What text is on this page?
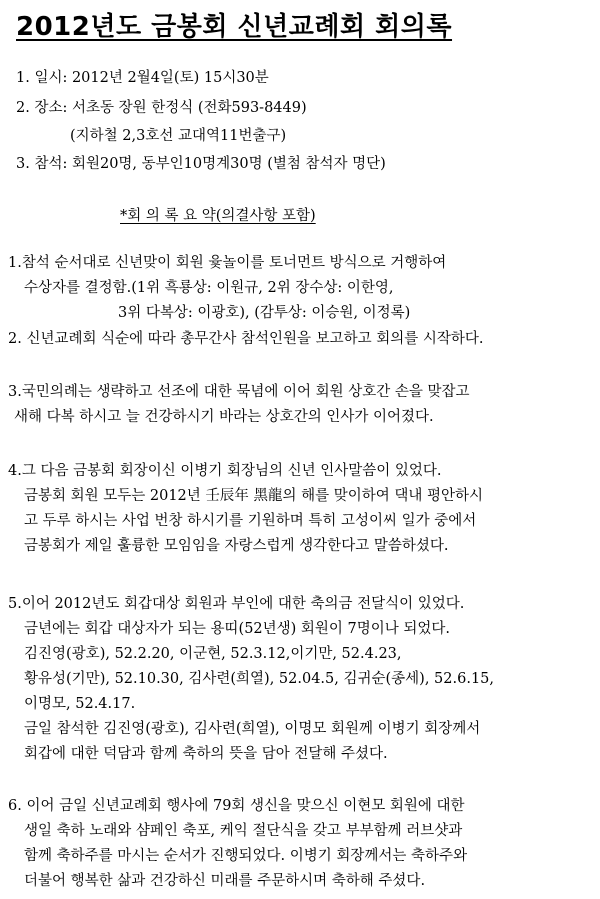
2012년도 금봉회 신년교례회 회의록
1. 일시: 2012년 2월4일(토) 15시30분
2. 장소: 서초동 장원 한정식 (전화593-8449)
(지하철 2,3호선 교대역11번출구)
3. 참석: 회원20명, 동부인10명계30명 (별첨 참석자 명단)
*회 의 록 요 약(의결사항 포함)
1.참석 순서대로 신년맞이 회원 윷놀이를 토너먼트 방식으로 거행하여
수상자를 결정함.(1위 흑룡상: 이원규, 2위 장수상: 이한영,
3위 다복상: 이광호), (감투상: 이승원, 이정록)
2. 신년교례회 식순에 따라 총무간사 참석인원을 보고하고 회의를 시작하다.
3.국민의례는 생략하고 선조에 대한 묵념에 이어 회원 상호간 손을 맞잡고
새해 다복 하시고 늘 건강하시기 바라는 상호간의 인사가 이어졌다.
4.그 다음 금봉회 회장이신 이병기 회장님의 신년 인사말씀이 있었다.
금봉회 회원 모두는 2012년 壬辰年 黑龍의 해를 맞이하여 댁내 평안하시
고 두루 하시는 사업 번창 하시기를 기원하며 특히 고성이씨 일가 중에서
금봉회가 제일 훌륭한 모임임을 자랑스럽게 생각한다고 말씀하셨다.
5.이어 2012년도 회갑대상 회원과 부인에 대한 축의금 전달식이 있었다.
금년에는 회갑 대상자가 되는 용띠(52년생) 회원이 7명이나 되었다.
김진영(광호), 52.2.20, 이군현, 52.3.12,이기만, 52.4.23,
황유성(기만), 52.10.30, 김사련(희열), 52.04.5, 김귀순(종세), 52.6.15,
이명모, 52.4.17.
금일 참석한 김진영(광호), 김사련(희열), 이명모 회원께 이병기 회장께서
회갑에 대한 덕담과 함께 축하의 뜻을 담아 전달해 주셨다.
6. 이어 금일 신년교례회 행사에 79회 생신을 맞으신 이현모 회원에 대한
생일 축하 노래와 샴페인 축포, 케익 절단식을 갖고 부부함께 러브샷과
함께 축하주를 마시는 순서가 진행되었다. 이병기 회장께서는 축하주와
더불어 행복한 삶과 건강하신 미래를 주문하시며 축하해 주셨다.
